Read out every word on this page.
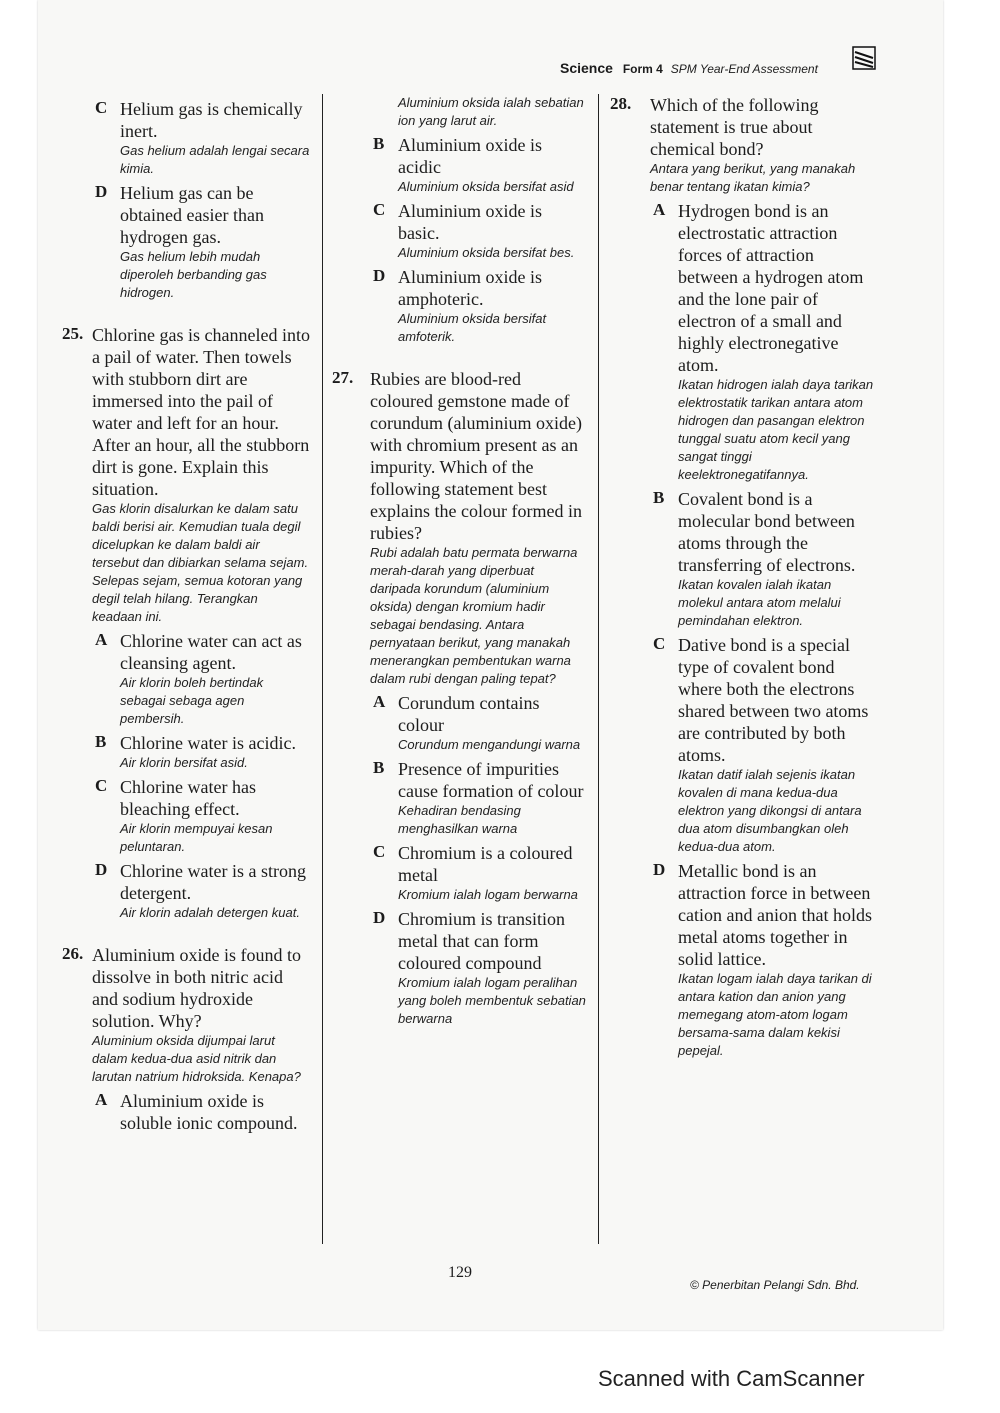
Science Form 4 SPM Year-End Assessment
C Helium gas is chemically inert.
Gas helium adalah lengai secara kimia.
D Helium gas can be obtained easier than hydrogen gas.
Gas helium lebih mudah diperoleh berbanding gas hidrogen.
25. Chlorine gas is channeled into a pail of water. Then towels with stubborn dirt are immersed into the pail of water and left for an hour. After an hour, all the stubborn dirt is gone. Explain this situation.
Gas klorin disalurkan ke dalam satu baldi berisi air. Kemudian tuala degil dicelupkan ke dalam baldi air tersebut dan dibiarkan selama sejam. Selepas sejam, semua kotoran yang degil telah hilang. Terangkan keadaan ini.
A Chlorine water can act as cleansing agent.
Air klorin boleh bertindak sebagai sebaga agen pembersih.
B Chlorine water is acidic.
Air klorin bersifat asid.
C Chlorine water has bleaching effect.
Air klorin mempuyai kesan peluntaran.
D Chlorine water is a strong detergent.
Air klorin adalah detergen kuat.
26. Aluminium oxide is found to dissolve in both nitric acid and sodium hydroxide solution. Why?
Aluminium oksida dijumpai larut dalam kedua-dua asid nitrik dan larutan natrium hidroksida. Kenapa?
A Aluminium oxide is soluble ionic compound.
Aluminium oksida ialah sebatian ion yang larut air.
B Aluminium oxide is acidic
Aluminium oksida bersifat asid
C Aluminium oxide is basic.
Aluminium oksida bersifat bes.
D Aluminium oxide is amphoteric.
Aluminium oksida bersifat amfoterik.
27. Rubies are blood-red coloured gemstone made of corundum (aluminium oxide) with chromium present as an impurity. Which of the following statement best explains the colour formed in rubies?
Rubi adalah batu permata berwarna merah-darah yang diperbuat daripada korundum (aluminium oksida) dengan kromium hadir sebagai bendasing. Antara pernyataan berikut, yang manakah menerangkan pembentukan warna dalam rubi dengan paling tepat?
A Corundum contains colour
Corundum mengandungi warna
B Presence of impurities cause formation of colour
Kehadiran bendasing menghasilkan warna
C Chromium is a coloured metal
Kromium ialah logam berwarna
D Chromium is transition metal that can form coloured compound
Kromium ialah logam peralihan yang boleh membentuk sebatian berwarna
28. Which of the following statement is true about chemical bond?
Antara yang berikut, yang manakah benar tentang ikatan kimia?
A Hydrogen bond is an electrostatic attraction forces of attraction between a hydrogen atom and the lone pair of electron of a small and highly electronegative atom.
Ikatan hidrogen ialah daya tarikan elektrostatik tarikan antara atom hidrogen dan pasangan elektron tunggal suatu atom kecil yang sangat tinggi keelektronegatifannya.
B Covalent bond is a molecular bond between atoms through the transferring of electrons.
Ikatan kovalen ialah ikatan molekul antara atom melalui pemindahan elektron.
C Dative bond is a special type of covalent bond where both the electrons shared between two atoms are contributed by both atoms.
Ikatan datif ialah sejenis ikatan kovalen di mana kedua-dua elektron yang dikongsi di antara dua atom disumbangkan oleh kedua-dua atom.
D Metallic bond is an attraction force in between cation and anion that holds metal atoms together in solid lattice.
Ikatan logam ialah daya tarikan di antara kation dan anion yang memegang atom-atom logam bersama-sama dalam kekisi pepejal.
129
© Penerbitan Pelangi Sdn. Bhd.
Scanned with CamScanner
